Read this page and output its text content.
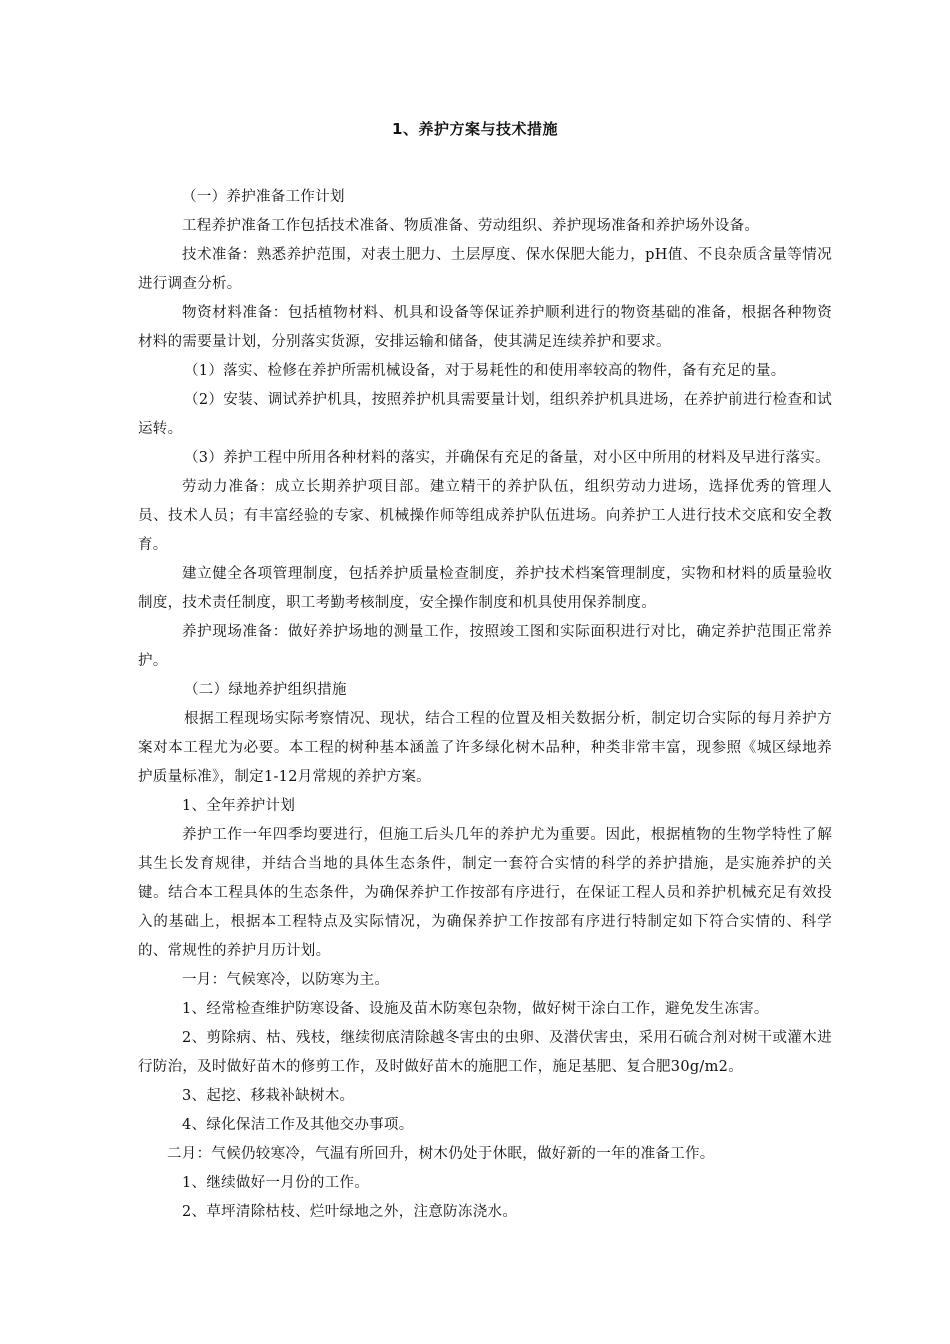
1、养护方案与技术措施

（一）养护准备工作计划

工程养护准备工作包括技术准备、物质准备、劳动组织、养护现场准备和养护场外设备。

技术准备：熟悉养护范围，对表土肥力、土层厚度、保水保肥大能力，pH值、不良杂质含量等情况进行调查分析。

物资材料准备：包括植物材料、机具和设备等保证养护顺利进行的物资基础的准备，根据各种物资材料的需要量计划，分别落实货源，安排运输和储备，使其满足连续养护和要求。

（1）落实、检修在养护所需机械设备，对于易耗性的和使用率较高的物件，备有充足的量。

（2）安装、调试养护机具，按照养护机具需要量计划，组织养护机具进场，在养护前进行检查和试运转。

（3）养护工程中所用各种材料的落实，并确保有充足的备量，对小区中所用的材料及早进行落实。

劳动力准备：成立长期养护项目部。建立精干的养护队伍，组织劳动力进场，选择优秀的管理人员、技术人员；有丰富经验的专家、机械操作师等组成养护队伍进场。向养护工人进行技术交底和安全教育。

建立健全各项管理制度，包括养护质量检查制度，养护技术档案管理制度，实物和材料的质量验收制度，技术责任制度，职工考勤考核制度，安全操作制度和机具使用保养制度。

养护现场准备：做好养护场地的测量工作，按照竣工图和实际面积进行对比，确定养护范围正常养护。

（二）绿地养护组织措施

根据工程现场实际考察情况、现状，结合工程的位置及相关数据分析，制定切合实际的每月养护方案对本工程尤为必要。本工程的树种基本涵盖了许多绿化树木品种，种类非常丰富，现参照《城区绿地养护质量标准》，制定1-12月常规的养护方案。

1、全年养护计划

养护工作一年四季均要进行，但施工后头几年的养护尤为重要。因此，根据植物的生物学特性了解其生长发育规律，并结合当地的具体生态条件，制定一套符合实情的科学的养护措施，是实施养护的关键。结合本工程具体的生态条件，为确保养护工作按部有序进行，在保证工程人员和养护机械充足有效投入的基础上，根据本工程特点及实际情况，为确保养护工作按部有序进行特制定如下符合实情的、科学的、常规性的养护月历计划。

一月：气候寒冷，以防寒为主。

1、经常检查维护防寒设备、设施及苗木防寒包杂物，做好树干涂白工作，避免发生冻害。

2、剪除病、枯、残枝，继续彻底清除越冬害虫的虫卵、及潜伏害虫，采用石硫合剂对树干或灌木进行防治，及时做好苗木的修剪工作，及时做好苗木的施肥工作，施足基肥、复合肥30g/m2。

3、起挖、移栽补缺树木。

4、绿化保洁工作及其他交办事项。

二月：气候仍较寒冷，气温有所回升，树木仍处于休眠，做好新的一年的准备工作。

1、继续做好一月份的工作。

2、草坪清除枯枝、烂叶绿地之外，注意防冻浇水。
